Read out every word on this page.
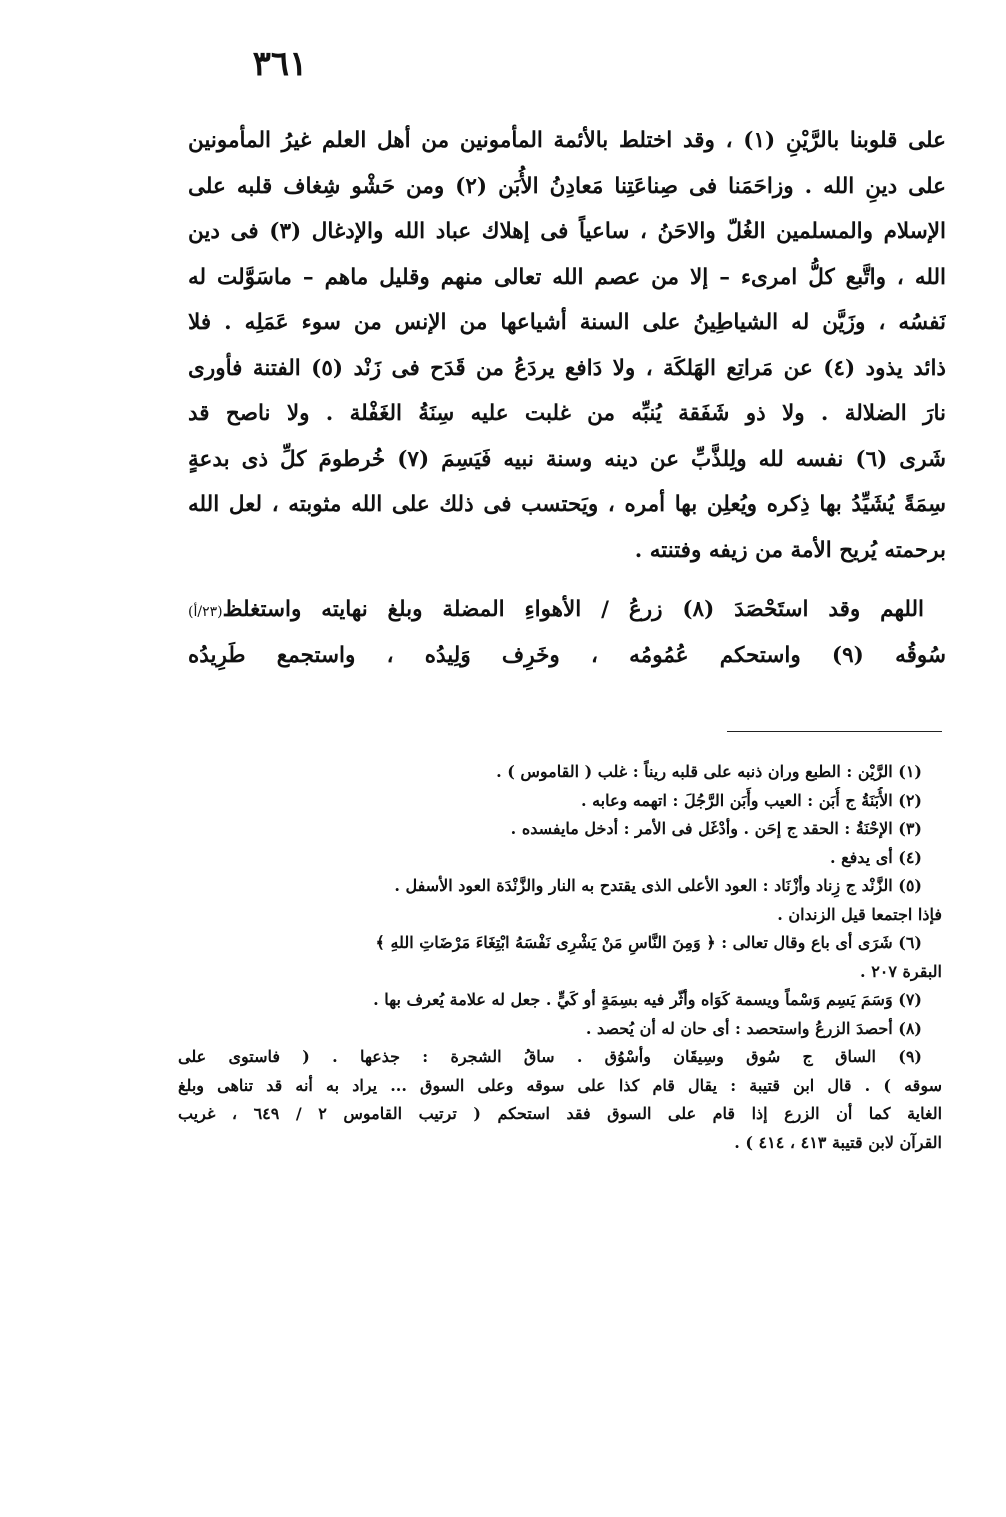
٣٦١
على قلوبنا بالرَّيْنِ (١) ، وقد اختلط بالأئمة المأمونين من أهل العلم غيرُ المأمونين
على دينِ الله . وزاحَمَنا فى صِناعَتِنا مَعادِنُ الأُبَن (٢) ومن حَشْو شِغاف قلبه على
الإسلام والمسلمين الغُلّ والاحَنُ ، ساعياً فى إهلاك عباد الله والإدغال (٣) فى دين
الله ، واتَّبع كلُّ امرىء – إلا من عصم الله تعالى منهم وقليل ماهم – ماسَوَّلت له
نَفسُه ، وزَيَّن له الشياطِينُ على السنة أشياعها من الإنس من سوء عَمَلِه . فلا
ذائد يذود (٤) عن مَراتِع الهَلكَة ، ولا دَافع يردَعُ من قَدَح فى زَنْد (٥) الفتنة فأورى
نارَ الضلالة . ولا ذو شَفَقة يُنبِّه من غلبت عليه سِنَةُ الغَفْلة . ولا ناصح قد
شَرى (٦) نفسه لله ولِلذَّبِّ عن دينه وسنة نبيه فَيَسِمَ (٧) خُرطومَ كلِّ ذى بدعةٍ
سِمَةً يُشَيِّدُ بها ذِكره ويُعلِن بها أمره ، ويَحتسب فى ذلك على الله مثوبته ، لعل الله
برحمته يُريح الأمة من زيفه وفتنته .
اللهم وقد استَحْصَدَ (٨) زرعُ / الأهواءِ المضلة وبلغ نهايته واستغلظ(٢٣/أ)
سُوقُه (٩) واستحكم عُمُومُه ، وخَرِف وَلِيدُه ، واستجمع طَرِيدُه
(١) الرَّيْن : الطبع وران ذنبه على قلبه ريناً : غلب ( القاموس ) .
(٢) الأُبَنَةُ ج أُبَن : العيب وأَبَن الرَّجُلَ : اتهمه وعابه .
(٣) الإحْنَةُ : الحقد ج إحَن . وأدْغَل فى الأمر : أدخل مايفسده .
(٤) أى يدفع .
(٥) الزَّنْد ج زِناد وأزْنَاد : العود الأعلى الذى يقتدح به النار والزَّنْدَة العود الأسفل .
فإذا اجتمعا قيل الزندان .
(٦) شَرَى أى باع وقال تعالى : ﴿ وَمِنَ النَّاسِ مَنْ يَشْرِى نَفْسَهُ ابْتِغَاءَ مَرْضَاتِ اللهِ ﴾
البقرة ٢٠٧ .
(٧) وَسَمَ يَسِم وَسْماً ويسمة كَوَاه وأثّر فيه بسِمَةٍ أو كَيٍّ . جعل له علامة يُعرف بها .
(٨) أحصدَ الزرعُ واستحصد : أى حان له أن يُحصد .
(٩) الساق ج سُوق وسِيقَان وأسْوُق . ساقُ الشجرة : جذعها . ( فاستوى على
سوقه ) . قال ابن قتيبة : يقال قام كذا على سوقه وعلى السوق ... يراد به أنه قد تناهى وبلغ
الغاية كما أن الزرع إذا قام على السوق فقد استحكم ( ترتيب القاموس ٢ / ٦٤٩ ، غريب
القرآن لابن قتيبة ٤١٣ ، ٤١٤ ) .
